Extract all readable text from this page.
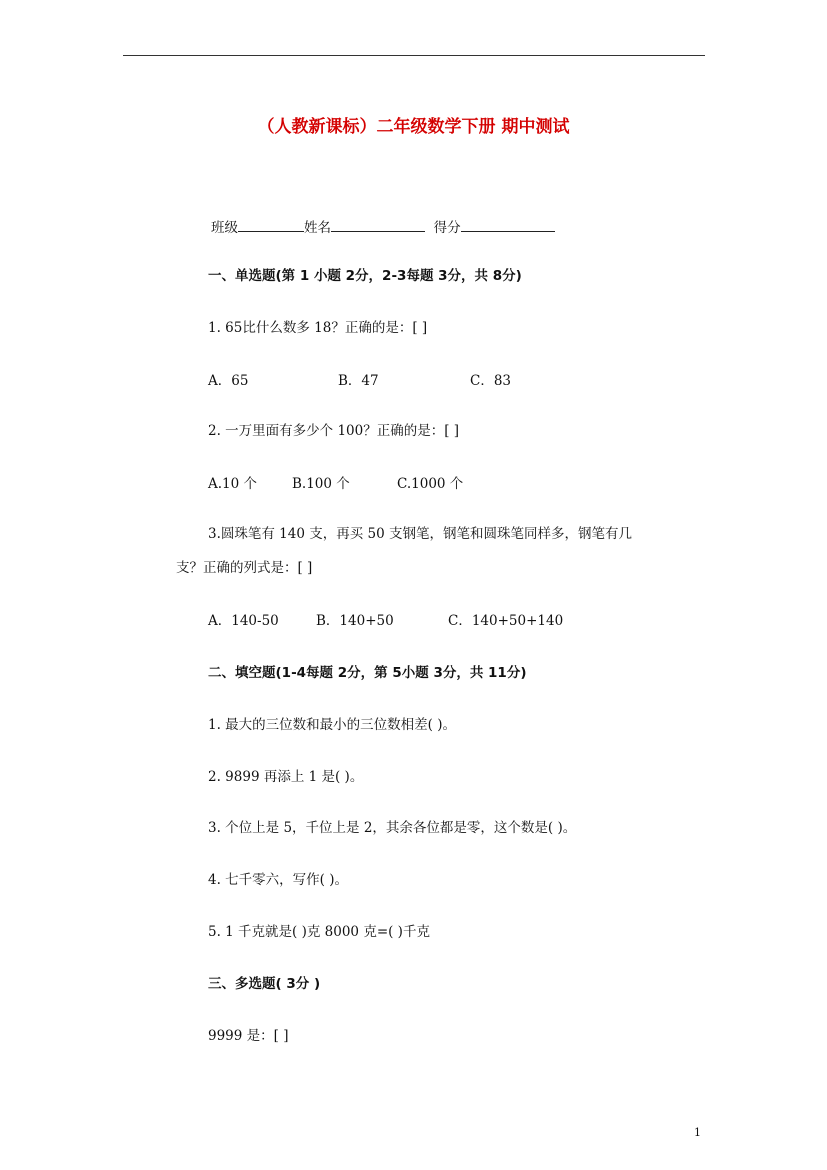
（人教新课标）二年级数学下册 期中测试
班级	姓名	得分
一、单选题(第 1 小题 2分，2-3每题 3分，共 8分)
1. 65比什么数多 18？正确的是：[ ]
A．65	B．47	C．83
2. 一万里面有多少个 100？正确的是：[ ]
A.10 个	B.100 个	C.1000 个
3.圆珠笔有 140 支，再买 50 支钢笔，钢笔和圆珠笔同样多，钢笔有几
支？正确的列式是：[ ]
A．140-50	B．140+50	C．140+50+140
二、填空题(1-4每题 2分，第 5小题 3分，共 11分)
1. 最大的三位数和最小的三位数相差( )。
2. 9899 再添上 1 是( )。
3. 个位上是 5，千位上是 2，其余各位都是零，这个数是( )。
4. 七千零六，写作( )。
5. 1 千克就是( )克 8000 克=( )千克
三、多选题( 3分 )
9999 是：[ ]
1
